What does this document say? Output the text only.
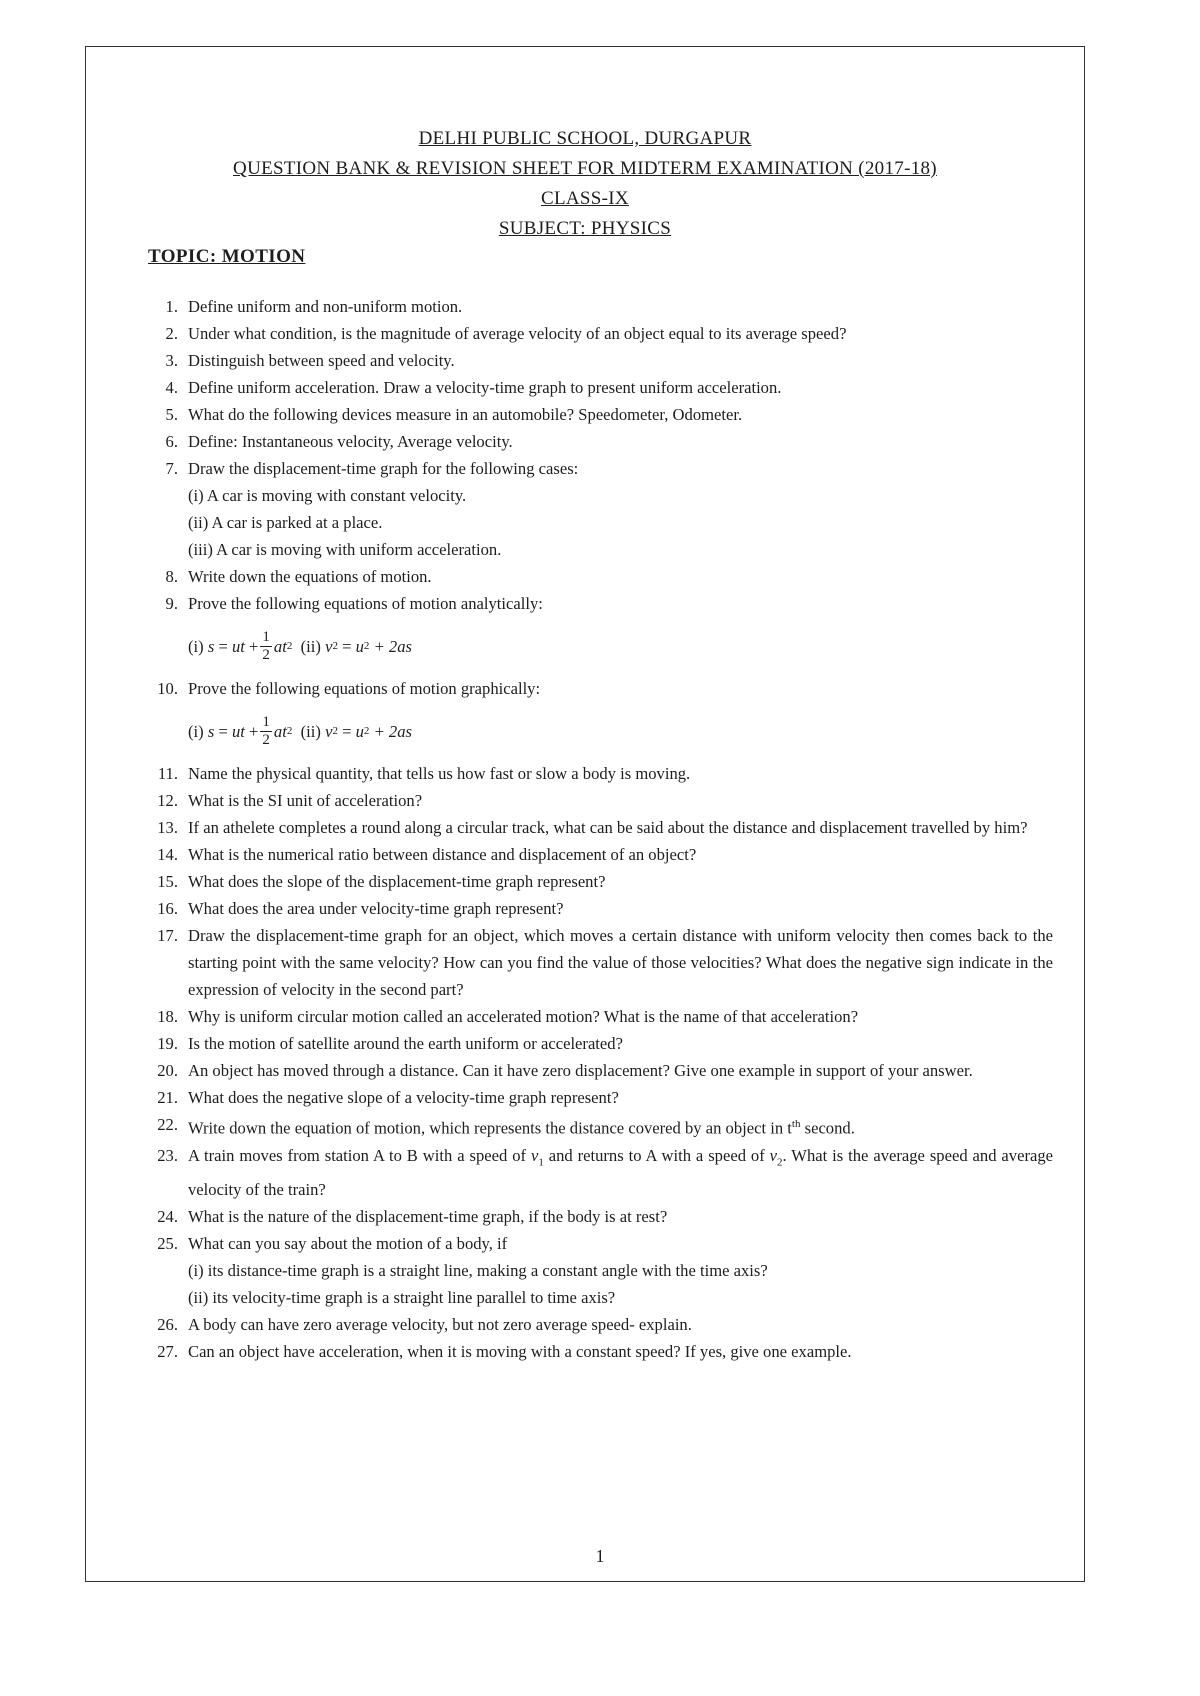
DELHI PUBLIC SCHOOL, DURGAPUR
QUESTION BANK & REVISION SHEET FOR MIDTERM EXAMINATION (2017-18)
CLASS-IX
SUBJECT: PHYSICS
TOPIC: MOTION
1. Define uniform and non-uniform motion.
2. Under what condition, is the magnitude of average velocity of an object equal to its average speed?
3. Distinguish between speed and velocity.
4. Define uniform acceleration. Draw a velocity-time graph to present uniform acceleration.
5. What do the following devices measure in an automobile? Speedometer, Odometer.
6. Define: Instantaneous velocity, Average velocity.
7. Draw the displacement-time graph for the following cases:
(i) A car is moving with constant velocity.
(ii) A car is parked at a place.
(iii) A car is moving with uniform acceleration.
8. Write down the equations of motion.
9. Prove the following equations of motion analytically:
(i)
s
=
ut
+ $\frac{1}{2}$ at 2
(ii)
v 2
=
u 2
+ 2as
10. Prove the following equations of motion graphically:
(i)
s
=
ut
+ $\frac{1}{2}$ at 2
(ii)
v 2
=
u 2
+ 2as
11. Name the physical quantity, that tells us how fast or slow a body is moving.
12. What is the SI unit of acceleration?
13. If an athelete completes a round along a circular track, what can be said about the distance and displacement travelled by him?
14. What is the numerical ratio between distance and displacement of an object?
15. What does the slope of the displacement-time graph represent?
16. What does the area under velocity-time graph represent?
17. Draw the displacement-time graph for an object, which moves a certain distance with uniform velocity then comes back to the starting point with the same velocity? How can you find the value of those velocities? What does the negative sign indicate in the expression of velocity in the second part?
18. Why is uniform circular motion called an accelerated motion? What is the name of that acceleration?
19. Is the motion of satellite around the earth uniform or accelerated?
20. An object has moved through a distance. Can it have zero displacement? Give one example in support of your answer.
21. What does the negative slope of a velocity-time graph represent?
22. Write down the equation of motion, which represents the distance covered by an object in $t^{th}$ second.
23. A train moves from station A to B with a speed of $v_1$ and returns to A with a speed of $v_2$. What is the average speed and average velocity of the train?
24. What is the nature of the displacement-time graph, if the body is at rest?
25. What can you say about the motion of a body, if
(i) its distance-time graph is a straight line, making a constant angle with the time axis?
(ii) its velocity-time graph is a straight line parallel to time axis?
26. A body can have zero average velocity, but not zero average speed- explain.
27. Can an object have acceleration, when it is moving with a constant speed? If yes, give one example.
1
